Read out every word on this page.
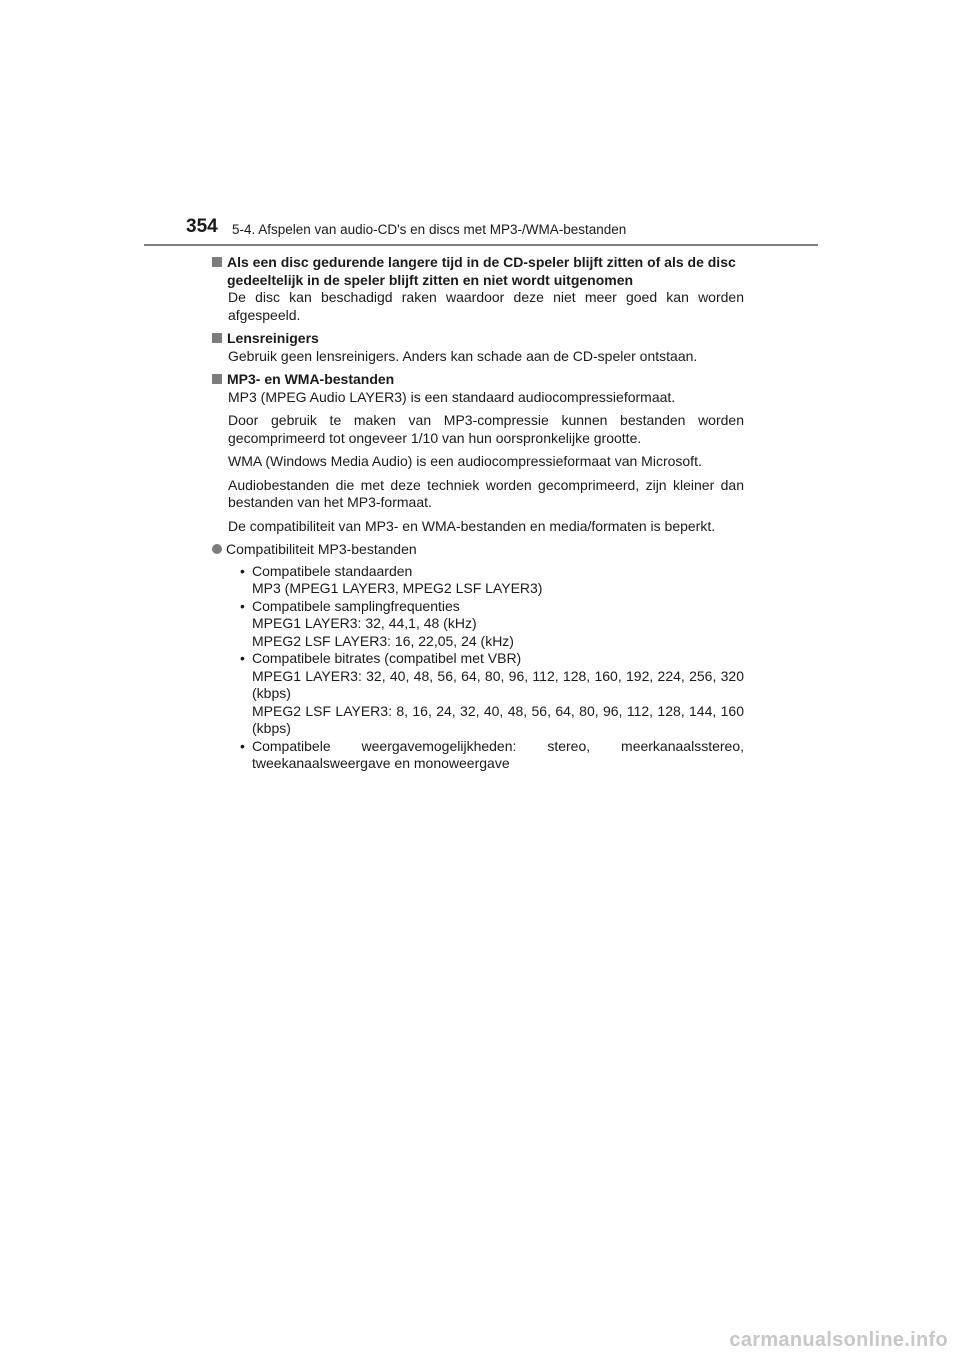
354 5-4. Afspelen van audio-CD's en discs met MP3-/WMA-bestanden
Als een disc gedurende langere tijd in de CD-speler blijft zitten of als de disc gedeeltelijk in de speler blijft zitten en niet wordt uitgenomen
De disc kan beschadigd raken waardoor deze niet meer goed kan worden afgespeeld.
Lensreinigers
Gebruik geen lensreinigers. Anders kan schade aan de CD-speler ontstaan.
MP3- en WMA-bestanden
MP3 (MPEG Audio LAYER3) is een standaard audiocompressieformaat.
Door gebruik te maken van MP3-compressie kunnen bestanden worden gecomprimeerd tot ongeveer 1/10 van hun oorspronkelijke grootte.
WMA (Windows Media Audio) is een audiocompressieformaat van Microsoft.
Audiobestanden die met deze techniek worden gecomprimeerd, zijn kleiner dan bestanden van het MP3-formaat.
De compatibiliteit van MP3- en WMA-bestanden en media/formaten is beperkt.
Compatibiliteit MP3-bestanden
• Compatibele standaarden
MP3 (MPEG1 LAYER3, MPEG2 LSF LAYER3)
• Compatibele samplingfrequenties
MPEG1 LAYER3: 32, 44,1, 48 (kHz)
MPEG2 LSF LAYER3: 16, 22,05, 24 (kHz)
• Compatibele bitrates (compatibel met VBR)
MPEG1 LAYER3: 32, 40, 48, 56, 64, 80, 96, 112, 128, 160, 192, 224, 256, 320 (kbps)
MPEG2 LSF LAYER3: 8, 16, 24, 32, 40, 48, 56, 64, 80, 96, 112, 128, 144, 160 (kbps)
• Compatibele weergavemogelijkheden: stereo, meerkanaalsstereo, tweekanaalsweergave en monoweergave
carmanualsonline.info
